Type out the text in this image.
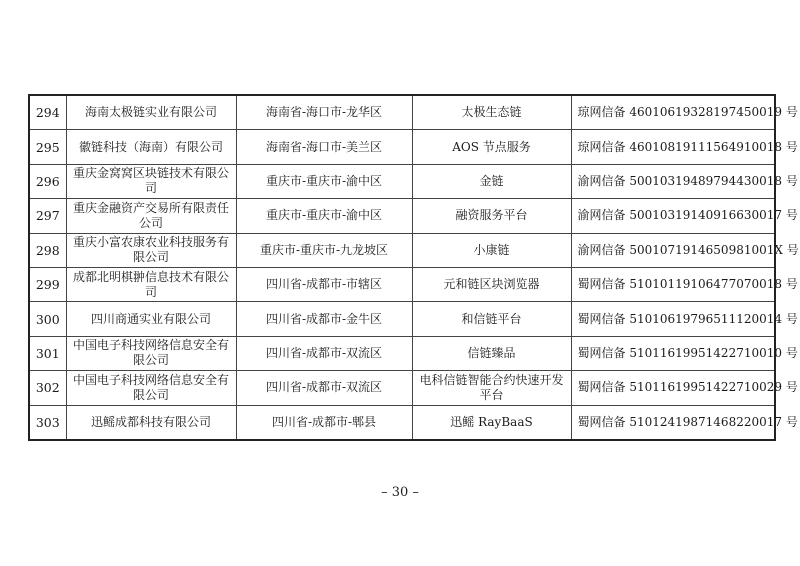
294	海南太极链实业有限公司	海南省-海口市-龙华区	太极生态链	琼网信备 46010619328197450019 号
295	徽链科技（海南）有限公司	海南省-海口市-美兰区	AOS 节点服务	琼网信备 46010819111564910018 号
296	重庆金窝窝区块链技术有限公司	重庆市-重庆市-渝中区	金链	渝网信备 50010319489794430018 号
297	重庆金融资产交易所有限责任公司	重庆市-重庆市-渝中区	融资服务平台	渝网信备 50010319140916630017 号
298	重庆小富农康农业科技服务有限公司	重庆市-重庆市-九龙坡区	小康链	渝网信备 5001071914650981001X 号
299	成都北明棋翀信息技术有限公司	四川省-成都市-市辖区	元和链区块浏览器	蜀网信备 51010119106477070018 号
300	四川商通实业有限公司	四川省-成都市-金牛区	和信链平台	蜀网信备 51010619796511120014 号
301	中国电子科技网络信息安全有限公司	四川省-成都市-双流区	信链臻品	蜀网信备 51011619951422710010 号
302	中国电子科技网络信息安全有限公司	四川省-成都市-双流区	电科信链智能合约快速开发平台	蜀网信备 51011619951422710029 号
303	迅鳐成都科技有限公司	四川省-成都市-郫县	迅鳐 RayBaaS	蜀网信备 51012419871468220017 号
– 30 –
